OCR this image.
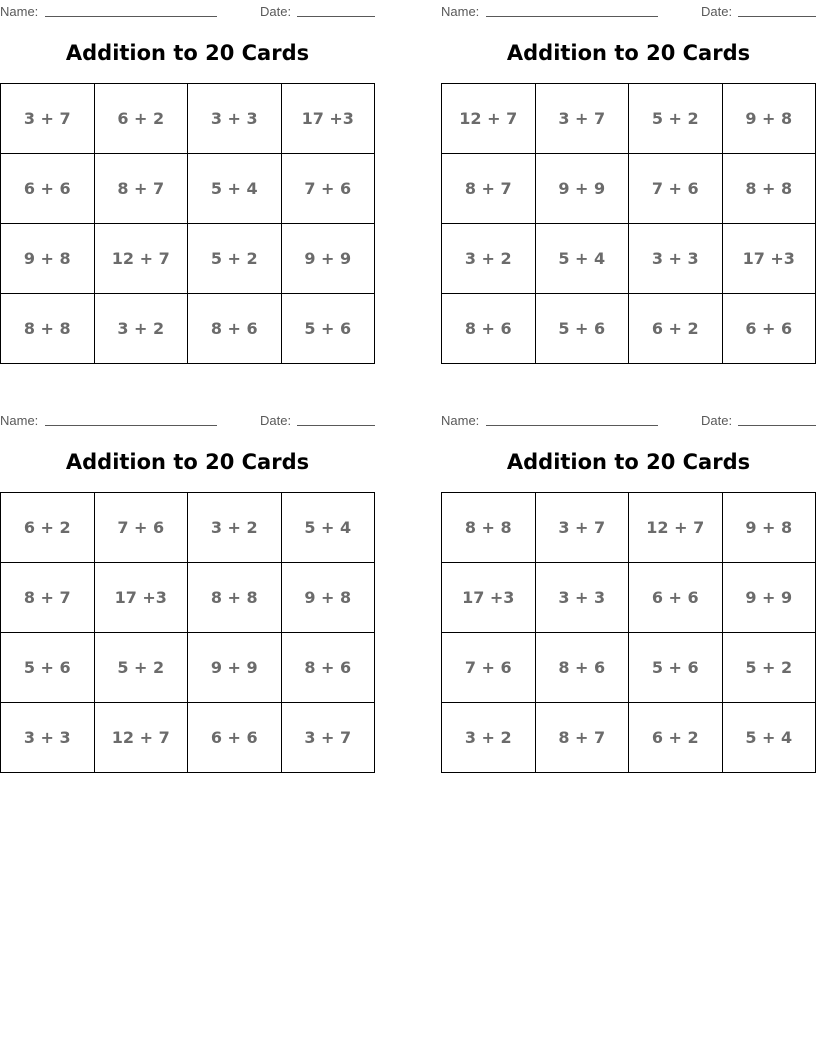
Name:	Date:
Addition to 20 Cards
3 + 7	6 + 2	3 + 3	17 +3
6 + 6	8 + 7	5 + 4	7 + 6
9 + 8	12 + 7	5 + 2	9 + 9
8 + 8	3 + 2	8 + 6	5 + 6
Name:	Date:
Addition to 20 Cards
12 + 7	3 + 7	5 + 2	9 + 8
8 + 7	9 + 9	7 + 6	8 + 8
3 + 2	5 + 4	3 + 3	17 +3
8 + 6	5 + 6	6 + 2	6 + 6
Name:	Date:
Addition to 20 Cards
6 + 2	7 + 6	3 + 2	5 + 4
8 + 7	17 +3	8 + 8	9 + 8
5 + 6	5 + 2	9 + 9	8 + 6
3 + 3	12 + 7	6 + 6	3 + 7
Name:	Date:
Addition to 20 Cards
8 + 8	3 + 7	12 + 7	9 + 8
17 +3	3 + 3	6 + 6	9 + 9
7 + 6	8 + 6	5 + 6	5 + 2
3 + 2	8 + 7	6 + 2	5 + 4
